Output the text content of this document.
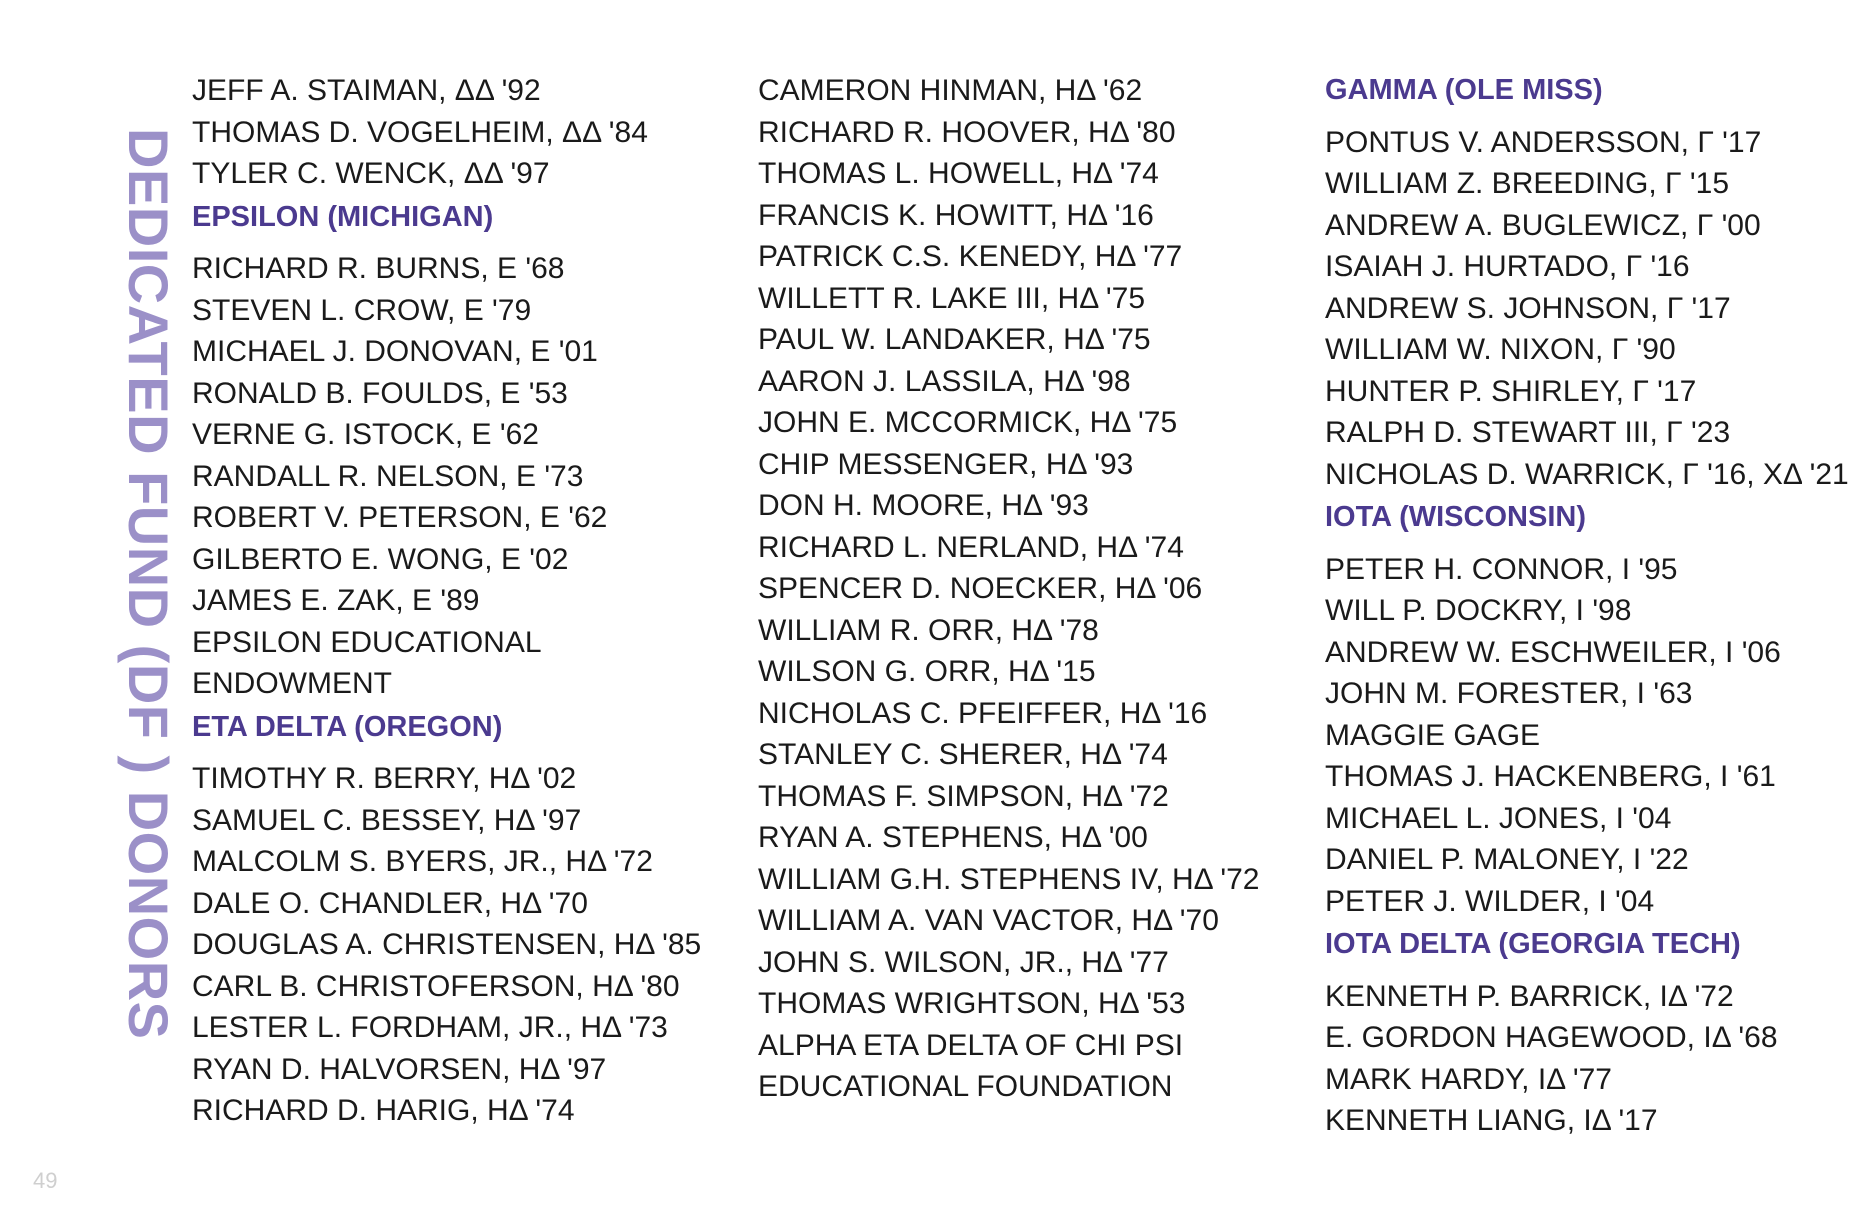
DEDICATED FUND (DF ) DONORS
49
JEFF A. STAIMAN, ΔΔ '92
THOMAS D. VOGELHEIM, ΔΔ '84
TYLER C. WENCK, ΔΔ '97
EPSILON (MICHIGAN)
RICHARD R. BURNS, E '68
STEVEN L. CROW, E '79
MICHAEL J. DONOVAN, E '01
RONALD B. FOULDS, E '53
VERNE G. ISTOCK, E '62
RANDALL R. NELSON, E '73
ROBERT V. PETERSON, E '62
GILBERTO E. WONG, E '02
JAMES E. ZAK, E '89
EPSILON EDUCATIONAL
ENDOWMENT
ETA DELTA (OREGON)
TIMOTHY R. BERRY, HΔ '02
SAMUEL C. BESSEY, HΔ '97
MALCOLM S. BYERS, JR., HΔ '72
DALE O. CHANDLER, HΔ '70
DOUGLAS A. CHRISTENSEN, HΔ '85
CARL B. CHRISTOFERSON, HΔ '80
LESTER L. FORDHAM, JR., HΔ '73
RYAN D. HALVORSEN, HΔ '97
RICHARD D. HARIG, HΔ '74
CAMERON HINMAN, HΔ '62
RICHARD R. HOOVER, HΔ '80
THOMAS L. HOWELL, HΔ '74
FRANCIS K. HOWITT, HΔ '16
PATRICK C.S. KENEDY, HΔ '77
WILLETT R. LAKE III, HΔ '75
PAUL W. LANDAKER, HΔ '75
AARON J. LASSILA, HΔ '98
JOHN E. MCCORMICK, HΔ '75
CHIP MESSENGER, HΔ '93
DON H. MOORE, HΔ '93
RICHARD L. NERLAND, HΔ '74
SPENCER D. NOECKER, HΔ '06
WILLIAM R. ORR, HΔ '78
WILSON G. ORR, HΔ '15
NICHOLAS C. PFEIFFER, HΔ '16
STANLEY C. SHERER, HΔ '74
THOMAS F. SIMPSON, HΔ '72
RYAN A. STEPHENS, HΔ '00
WILLIAM G.H. STEPHENS IV, HΔ '72
WILLIAM A. VAN VACTOR, HΔ '70
JOHN S. WILSON, JR., HΔ '77
THOMAS WRIGHTSON, HΔ '53
ALPHA ETA DELTA OF CHI PSI
EDUCATIONAL FOUNDATION
GAMMA (OLE MISS)
PONTUS V. ANDERSSON, Γ '17
WILLIAM Z. BREEDING, Γ '15
ANDREW A. BUGLEWICZ, Γ '00
ISAIAH J. HURTADO, Γ '16
ANDREW S. JOHNSON, Γ '17
WILLIAM W. NIXON, Γ '90
HUNTER P. SHIRLEY, Γ '17
RALPH D. STEWART III, Γ '23
NICHOLAS D. WARRICK, Γ '16, XΔ '21
IOTA (WISCONSIN)
PETER H. CONNOR, I '95
WILL P. DOCKRY, I '98
ANDREW W. ESCHWEILER, I '06
JOHN M. FORESTER, I '63
MAGGIE GAGE
THOMAS J. HACKENBERG, I '61
MICHAEL L. JONES, I '04
DANIEL P. MALONEY, I '22
PETER J. WILDER, I '04
IOTA DELTA (GEORGIA TECH)
KENNETH P. BARRICK, IΔ '72
E. GORDON HAGEWOOD, IΔ '68
MARK HARDY, IΔ '77
KENNETH LIANG, IΔ '17
